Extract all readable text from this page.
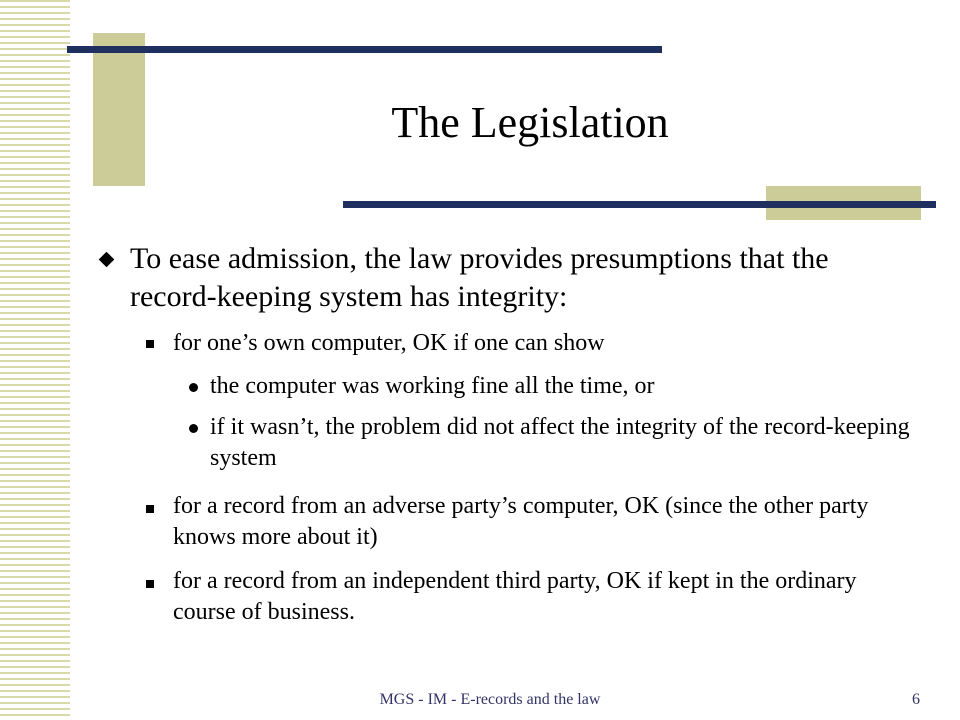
The Legislation
To ease admission, the law provides presumptions that the record-keeping system has integrity:
for one’s own computer, OK if one can show
the computer was working fine all the time, or
if it wasn’t, the problem did not affect the integrity of the record-keeping system
for a record from an adverse party’s computer, OK (since the other party knows more about it)
for a record from an independent third party, OK if kept in the ordinary course of business.
MGS - IM - E-records and the law	6
